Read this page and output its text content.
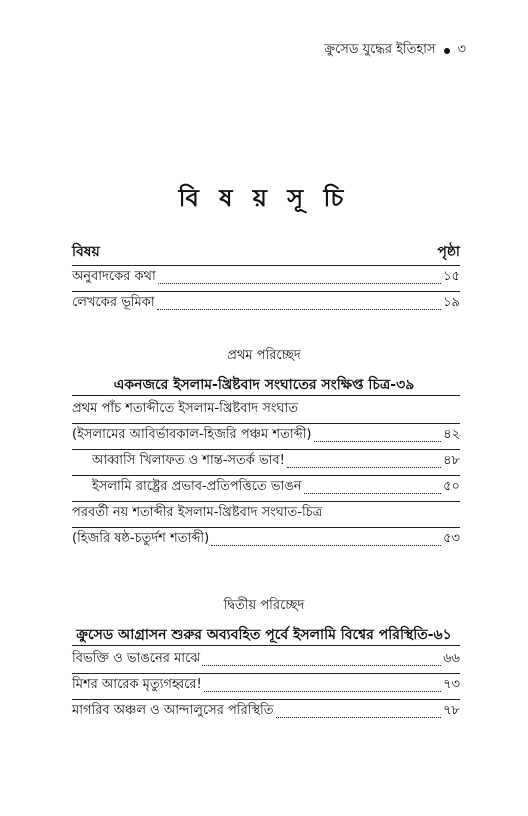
ক্রুসেড যুদ্ধের ইতিহাস ৩
বি ষ য় সূ চি
বিষয়	পৃষ্ঠা
অনুবাদকের কথা	১৫
লেখকের ভূমিকা	১৯
প্রথম পরিচ্ছেদ
একনজরে ইসলাম-খ্রিষ্টবাদ সংঘাতের সংক্ষিপ্ত চিত্র-৩৯
প্রথম পাঁচ শতাব্দীতে ইসলাম-খ্রিষ্টবাদ সংঘাত
(ইসলামের আবির্ভাবকাল-হিজরি পঞ্চম শতাব্দী)	৪২
আব্বাসি খিলাফত ও শান্ত-সতর্ক ভাব!	৪৮
ইসলামি রাষ্ট্রের প্রভাব-প্রতিপত্তিতে ভাঙন	৫০
পরবর্তী নয় শতাব্দীর ইসলাম-খ্রিষ্টবাদ সংঘাত-চিত্র
(হিজরি ষষ্ঠ-চতুর্দশ শতাব্দী)	৫৩
দ্বিতীয় পরিচ্ছেদ
ক্রুসেড আগ্রাসন শুরুর অব্যবহিত পূর্বে ইসলামি বিশ্বের পরিস্থিতি-৬১
বিভক্তি ও ভাঙনের মাঝে	৬৬
মিশর আরেক মৃত্যুগহ্বরে!	৭৩
মাগরিব অঞ্চল ও আন্দালুসের পরিস্থিতি	৭৮
